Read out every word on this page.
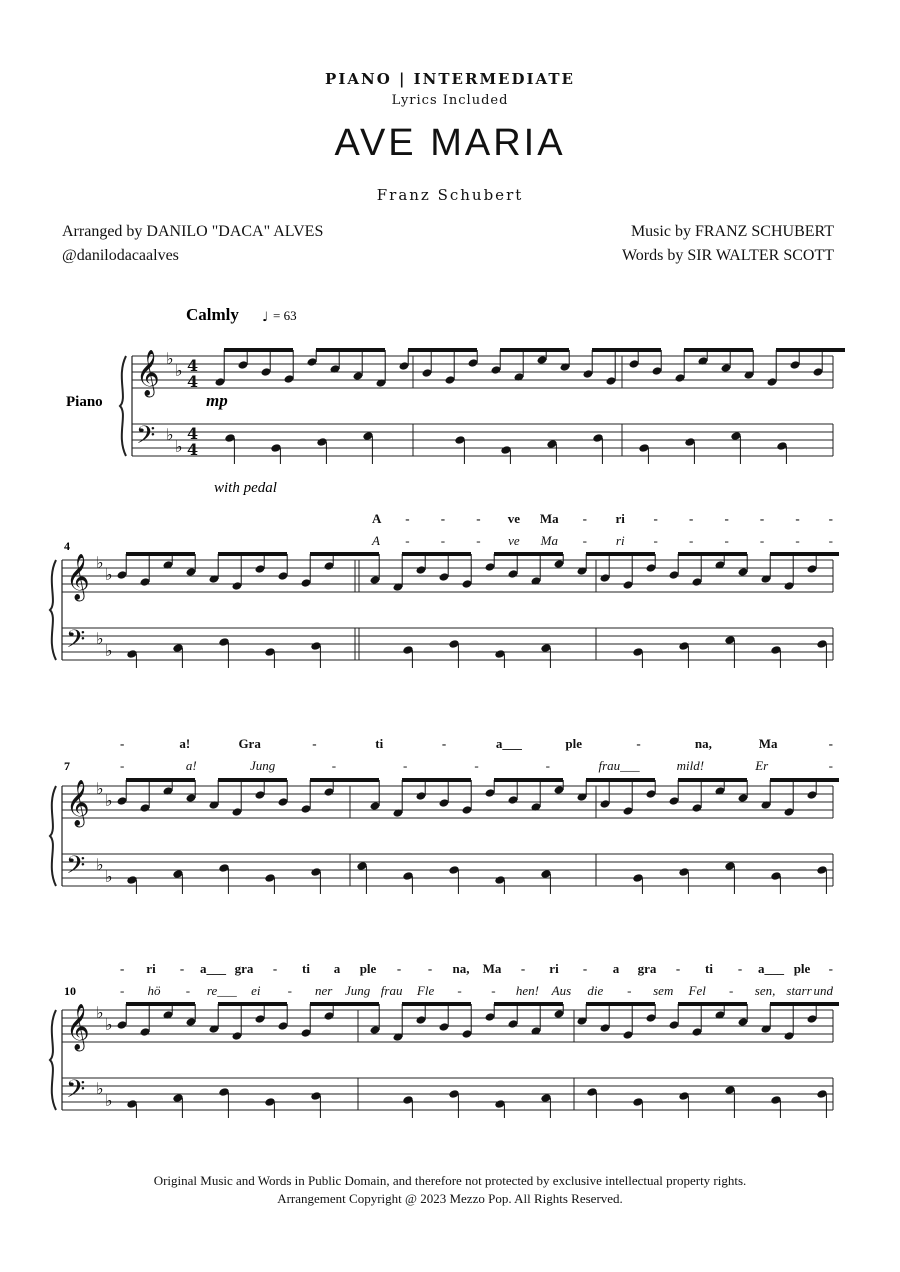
PIANO | INTERMEDIATE
Lyrics Included
AVE MARIA
Franz Schubert
Arranged by DANILO "DACA" ALVES
@danilodacaalves
Music by FRANZ SCHUBERT
Words by SIR WALTER SCOTT
𝄞 ♭
♭
𝄢 ♭
♭
4
4
4
4
𝄞 ♭
♭
𝄢 ♭
♭
𝄞 ♭
♭
𝄢 ♭
♭
𝄞 ♭
♭
𝄢 ♭
♭
Calmly ♩ = 63
Piano	mp
with pedal
4
7
10
A - - - ve Ma - ri - - - - - -
A - - - ve Ma - ri - - - - - -
-	a!	Gra	-	ti	-	a___	ple	-	na,	Ma	-
-	a!	Jung	-	-	-	-	frau___	mild!	Er	-
- ri - a___ gra - ti a ple - - na, Ma - ri - a gra - ti - a___ ple -
- hö - re___ ei - ner Jung frau Fle - - hen! Aus die - sem Fel - sen, starr und
Original Music and Words in Public Domain, and therefore not protected by exclusive intellectual property rights.
Arrangement Copyright @ 2023 Mezzo Pop. All Rights Reserved.
